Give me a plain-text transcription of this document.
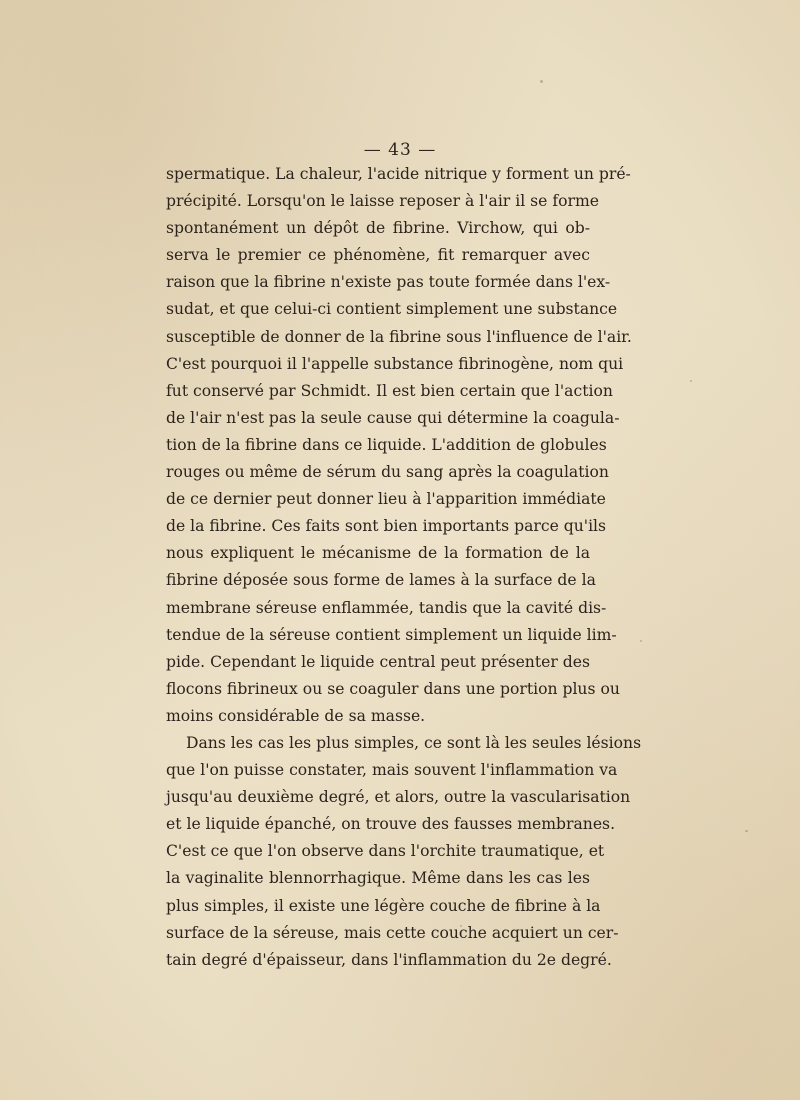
— 43 —
spermatique. La chaleur, l'acide nitrique y forment un pré-
précipité. Lorsqu'on le laisse reposer à l'air il se forme
spontanément un dépôt de fibrine. Virchow, qui ob-
serva le premier ce phénomène, fit remarquer avec
raison que la fibrine n'existe pas toute formée dans l'ex-
sudat, et que celui-ci contient simplement une substance
susceptible de donner de la fibrine sous l'influence de l'air.
C'est pourquoi il l'appelle substance fibrinogène, nom qui
fut conservé par Schmidt. Il est bien certain que l'action
de l'air n'est pas la seule cause qui détermine la coagula-
tion de la fibrine dans ce liquide. L'addition de globules
rouges ou même de sérum du sang après la coagulation
de ce dernier peut donner lieu à l'apparition immédiate
de la fibrine. Ces faits sont bien importants parce qu'ils
nous expliquent le mécanisme de la formation de la
fibrine déposée sous forme de lames à la surface de la
membrane séreuse enflammée, tandis que la cavité dis-
tendue de la séreuse contient simplement un liquide lim-
pide. Cependant le liquide central peut présenter des
flocons fibrineux ou se coaguler dans une portion plus ou
moins considérable de sa masse.
Dans les cas les plus simples, ce sont là les seules lésions
que l'on puisse constater, mais souvent l'inflammation va
jusqu'au deuxième degré, et alors, outre la vascularisation
et le liquide épanché, on trouve des fausses membranes.
C'est ce que l'on observe dans l'orchite traumatique, et
la vaginalite blennorrhagique. Même dans les cas les
plus simples, il existe une légère couche de fibrine à la
surface de la séreuse, mais cette couche acquiert un cer-
tain degré d'épaisseur, dans l'inflammation du 2e degré.
